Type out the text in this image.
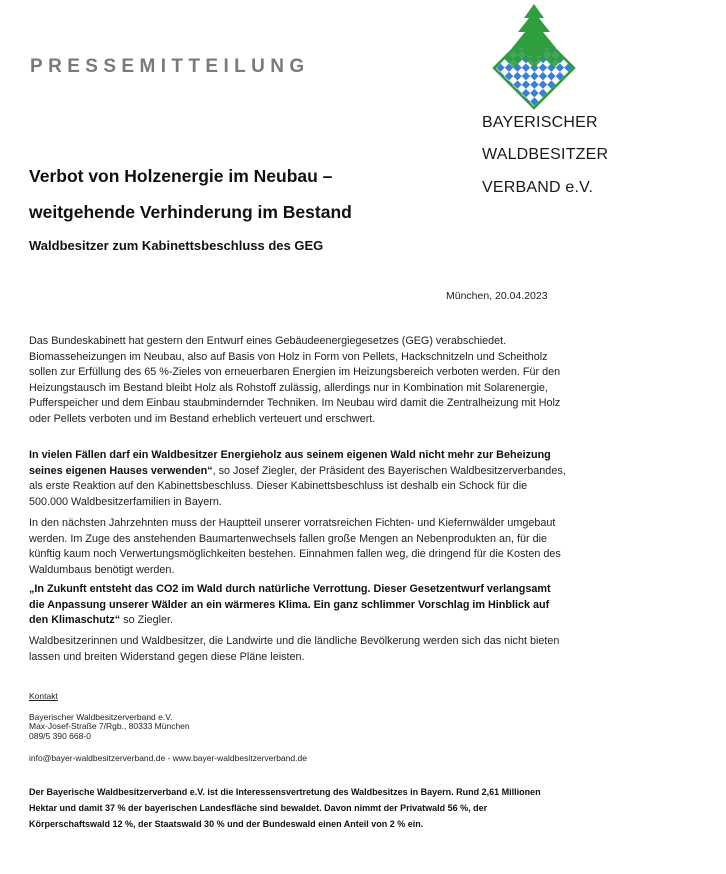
PRESSEMITTEILUNG
BAYERISCHER
WALDBESITZER
VERBAND e.V.
Verbot von Holzenergie im Neubau –
weitgehende Verhinderung im Bestand
Waldbesitzer zum Kabinettsbeschluss des GEG
München, 20.04.2023
Das Bundeskabinett hat gestern den Entwurf eines Gebäudeenergiegesetzes (GEG) verabschiedet. Biomasseheizungen im Neubau, also auf Basis von Holz in Form von Pellets, Hackschnitzeln und Scheitholz sollen zur Erfüllung des 65 %-Zieles von erneuerbaren Energien im Heizungsbereich verboten werden. Für den Heizungstausch im Bestand bleibt Holz als Rohstoff zulässig, allerdings nur in Kombination mit Solarenergie, Pufferspeicher und dem Einbau staubmindernder Techniken. Im Neubau wird damit die Zentralheizung mit Holz oder Pellets verboten und im Bestand erheblich verteuert und erschwert.
In vielen Fällen darf ein Waldbesitzer Energieholz aus seinem eigenen Wald nicht mehr zur Beheizung seines eigenen Hauses verwenden“, so Josef Ziegler, der Präsident des Bayerischen Waldbesitzerverbandes, als erste Reaktion auf den Kabinettsbeschluss. Dieser Kabinettsbeschluss ist deshalb ein Schock für die 500.000 Waldbesitzerfamilien in Bayern.
In den nächsten Jahrzehnten muss der Hauptteil unserer vorratsreichen Fichten- und Kiefernwälder umgebaut werden. Im Zuge des anstehenden Baumartenwechsels fallen große Mengen an Nebenprodukten an, für die künftig kaum noch Verwertungsmöglichkeiten bestehen. Einnahmen fallen weg, die dringend für die Kosten des Waldumbaus benötigt werden.
„In Zukunft entsteht das CO2 im Wald durch natürliche Verrottung. Dieser Gesetzentwurf verlangsamt die Anpassung unserer Wälder an ein wärmeres Klima. Ein ganz schlimmer Vorschlag im Hinblick auf den Klimaschutz“ so Ziegler.
Waldbesitzerinnen und Waldbesitzer, die Landwirte und die ländliche Bevölkerung werden sich das nicht bieten lassen und breiten Widerstand gegen diese Pläne leisten.
Kontakt
Bayerischer Waldbesitzerverband e.V.
Max-Josef-Straße 7/Rgb., 80333 München
089/5 390 668-0
info@bayer-waldbesitzerverband.de - www.bayer-waldbesitzerverband.de
Der Bayerische Waldbesitzerverband e.V. ist die Interessensvertretung des Waldbesitzes in Bayern. Rund 2,61 Millionen Hektar und damit 37 % der bayerischen Landesfläche sind bewaldet. Davon nimmt der Privatwald 56 %, der Körperschaftswald 12 %, der Staatswald 30 % und der Bundeswald einen Anteil von 2 % ein.
